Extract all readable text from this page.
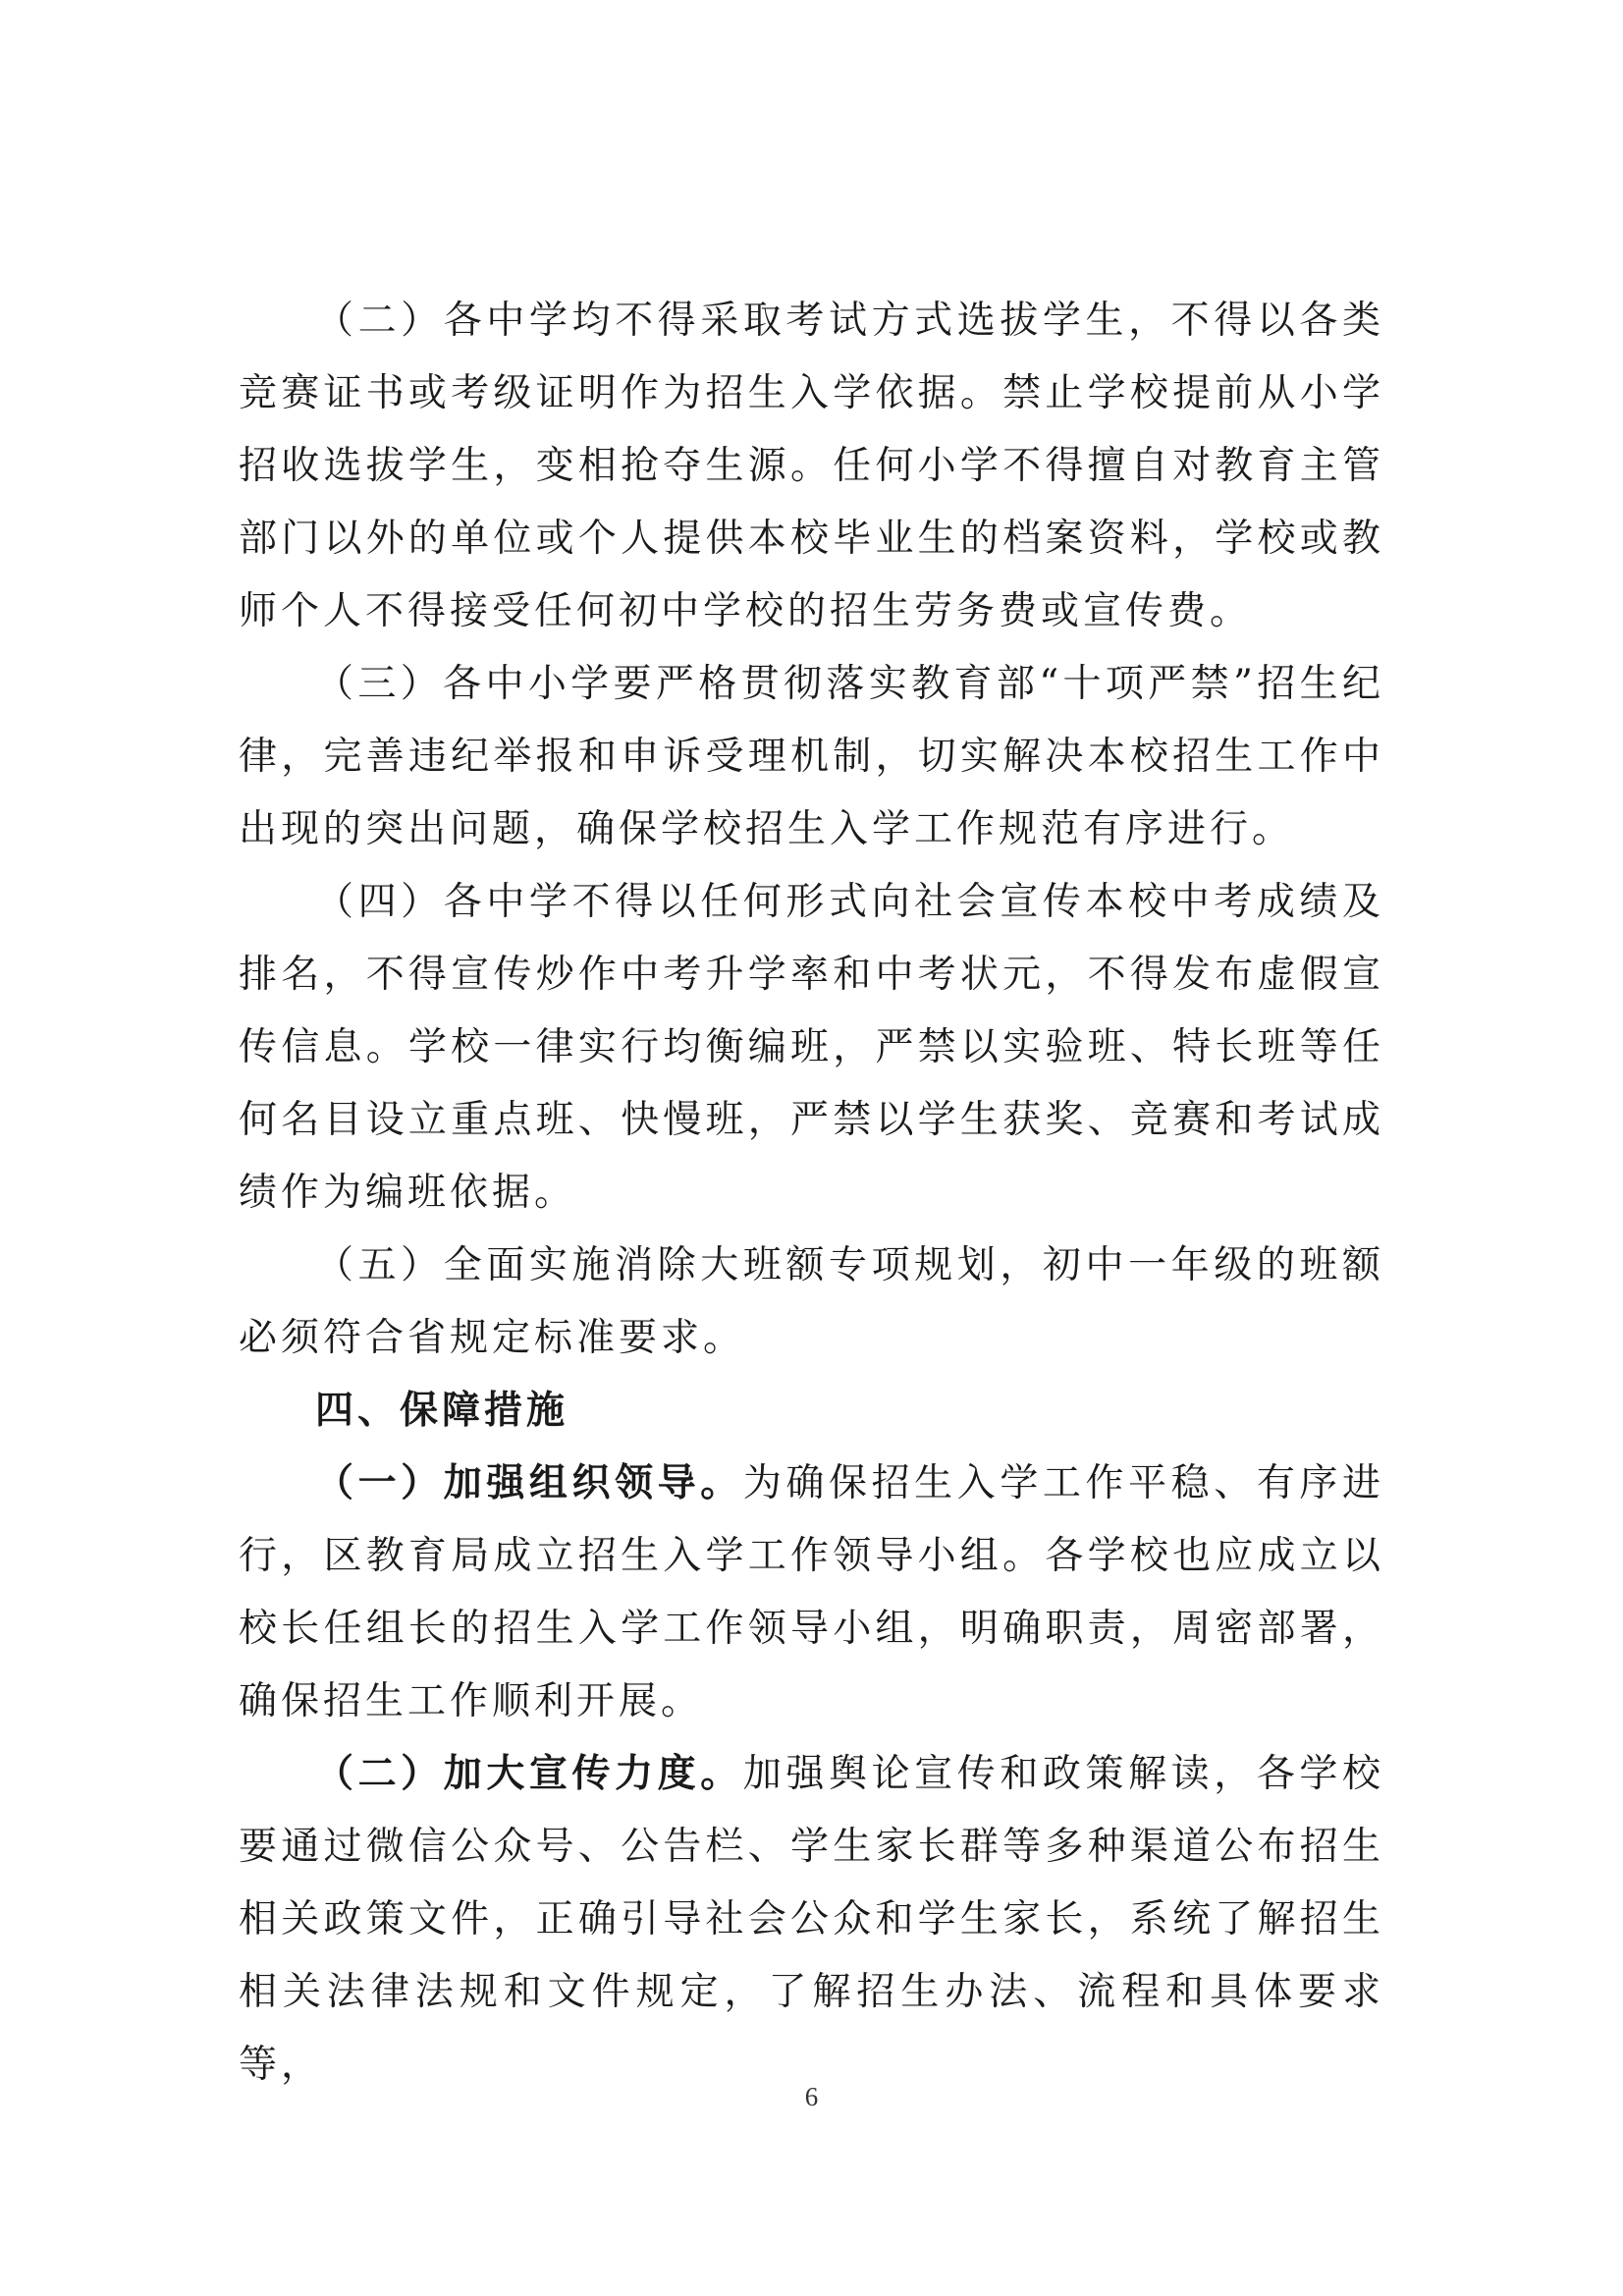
（二）各中学均不得采取考试方式选拔学生，不得以各类竞赛证书或考级证明作为招生入学依据。禁止学校提前从小学招收选拔学生，变相抢夺生源。任何小学不得擅自对教育主管部门以外的单位或个人提供本校毕业生的档案资料，学校或教师个人不得接受任何初中学校的招生劳务费或宣传费。

（三）各中小学要严格贯彻落实教育部“十项严禁”招生纪律，完善违纪举报和申诉受理机制，切实解决本校招生工作中出现的突出问题，确保学校招生入学工作规范有序进行。

（四）各中学不得以任何形式向社会宣传本校中考成绩及排名，不得宣传炒作中考升学率和中考状元，不得发布虚假宣传信息。学校一律实行均衡编班，严禁以实验班、特长班等任何名目设立重点班、快慢班，严禁以学生获奖、竞赛和考试成绩作为编班依据。

（五）全面实施消除大班额专项规划，初中一年级的班额必须符合省规定标准要求。

四、保障措施

（一）加强组织领导。为确保招生入学工作平稳、有序进行，区教育局成立招生入学工作领导小组。各学校也应成立以校长任组长的招生入学工作领导小组，明确职责，周密部署，确保招生工作顺利开展。

（二）加大宣传力度。加强舆论宣传和政策解读，各学校要通过微信公众号、公告栏、学生家长群等多种渠道公布招生相关政策文件，正确引导社会公众和学生家长，系统了解招生相关法律法规和文件规定，了解招生办法、流程和具体要求等，

6
